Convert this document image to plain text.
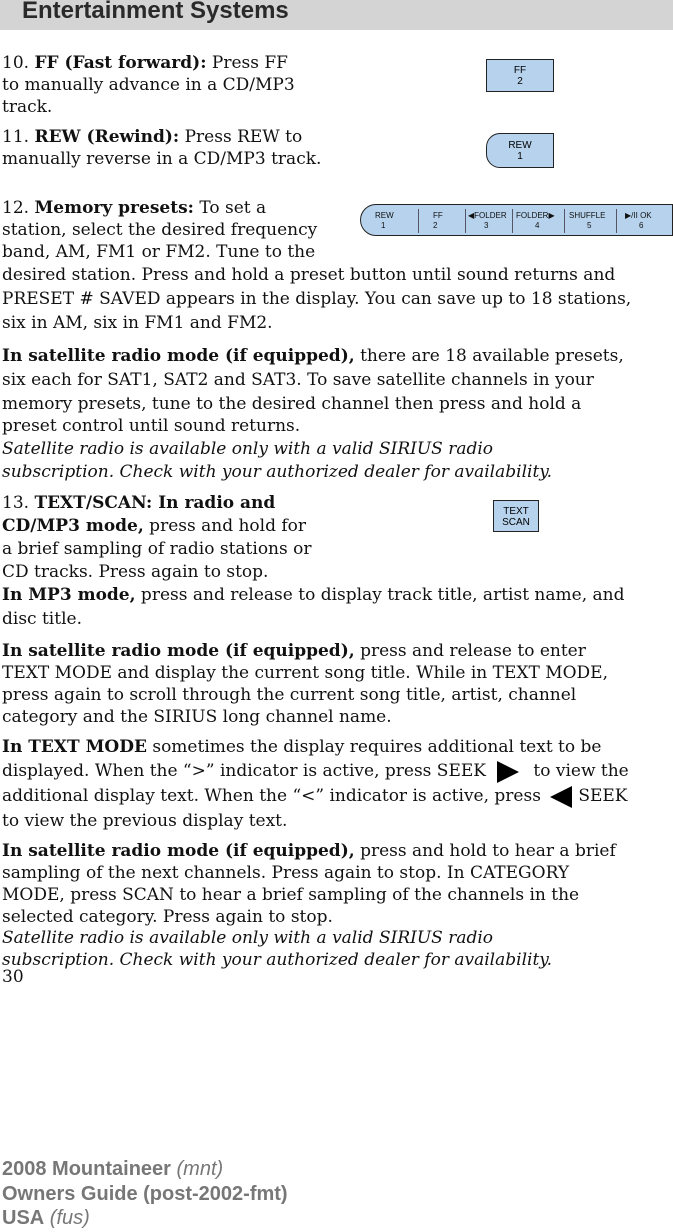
Entertainment Systems
10. FF (Fast forward): Press FF
to manually advance in a CD/MP3
track.
FF
2
11. REW (Rewind): Press REW to
manually reverse in a CD/MP3 track.
REW
1
12. Memory presets: To set a
station, select the desired frequency
band, AM, FM1 or FM2. Tune to the
desired station. Press and hold a preset button until sound returns and
PRESET # SAVED appears in the display. You can save up to 18 stations,
six in AM, six in FM1 and FM2.
REW
1
FF
2
◀FOLDER
3
FOLDER▶
4
SHUFFLE
5
▶/II OK
6
In satellite radio mode (if equipped), there are 18 available presets,
six each for SAT1, SAT2 and SAT3. To save satellite channels in your
memory presets, tune to the desired channel then press and hold a
preset control until sound returns.
Satellite radio is available only with a valid SIRIUS radio
subscription. Check with your authorized dealer for availability.
13. TEXT/SCAN: In radio and
CD/MP3 mode, press and hold for
a brief sampling of radio stations or
CD tracks. Press again to stop.
TEXT
SCAN
In MP3 mode, press and release to display track title, artist name, and
disc title.
In satellite radio mode (if equipped), press and release to enter
TEXT MODE and display the current song title. While in TEXT MODE,
press again to scroll through the current song title, artist, channel
category and the SIRIUS long channel name.
In TEXT MODE sometimes the display requires additional text to be
displayed. When the “>” indicator is active, press SEEK	to view the
additional display text. When the “<” indicator is active, press SEEK
to view the previous display text.
In satellite radio mode (if equipped), press and hold to hear a brief
sampling of the next channels. Press again to stop. In CATEGORY
MODE, press SCAN to hear a brief sampling of the channels in the
selected category. Press again to stop.
Satellite radio is available only with a valid SIRIUS radio
subscription. Check with your authorized dealer for availability.
30
2008 Mountaineer (mnt)
Owners Guide (post-2002-fmt)
USA (fus)
